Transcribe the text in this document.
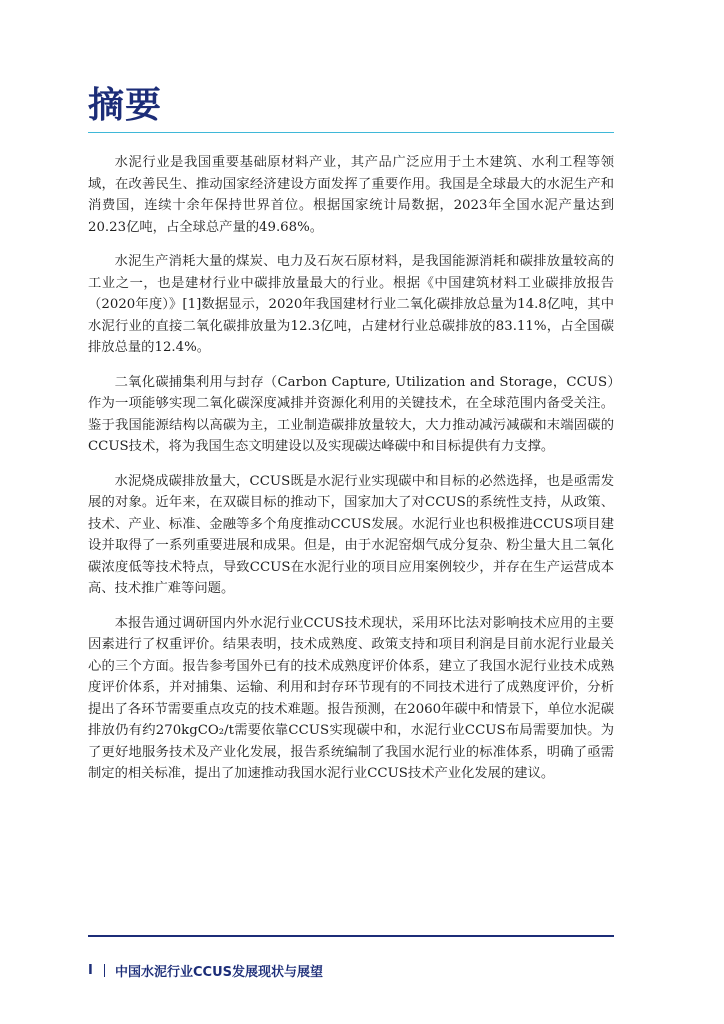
摘要

水泥行业是我国重要基础原材料产业，其产品广泛应用于土木建筑、水利工程等领域，在改善民生、推动国家经济建设方面发挥了重要作用。我国是全球最大的水泥生产和消费国，连续十余年保持世界首位。根据国家统计局数据，2023年全国水泥产量达到20.23亿吨，占全球总产量的49.68%。

水泥生产消耗大量的煤炭、电力及石灰石原材料，是我国能源消耗和碳排放量较高的工业之一，也是建材行业中碳排放量最大的行业。根据《中国建筑材料工业碳排放报告（2020年度）》[1]数据显示，2020年我国建材行业二氧化碳排放总量为14.8亿吨，其中水泥行业的直接二氧化碳排放量为12.3亿吨，占建材行业总碳排放的83.11%，占全国碳排放总量的12.4%。

二氧化碳捕集利用与封存（Carbon Capture, Utilization and Storage，CCUS）作为一项能够实现二氧化碳深度减排并资源化利用的关键技术，在全球范围内备受关注。鉴于我国能源结构以高碳为主，工业制造碳排放量较大，大力推动减污减碳和末端固碳的CCUS技术，将为我国生态文明建设以及实现碳达峰碳中和目标提供有力支撑。

水泥烧成碳排放量大，CCUS既是水泥行业实现碳中和目标的必然选择，也是亟需发展的对象。近年来，在双碳目标的推动下，国家加大了对CCUS的系统性支持，从政策、技术、产业、标准、金融等多个角度推动CCUS发展。水泥行业也积极推进CCUS项目建设并取得了一系列重要进展和成果。但是，由于水泥窑烟气成分复杂、粉尘量大且二氧化碳浓度低等技术特点，导致CCUS在水泥行业的项目应用案例较少，并存在生产运营成本高、技术推广难等问题。

本报告通过调研国内外水泥行业CCUS技术现状，采用环比法对影响技术应用的主要因素进行了权重评价。结果表明，技术成熟度、政策支持和项目利润是目前水泥行业最关心的三个方面。报告参考国外已有的技术成熟度评价体系，建立了我国水泥行业技术成熟度评价体系，并对捕集、运输、利用和封存环节现有的不同技术进行了成熟度评价，分析提出了各环节需要重点攻克的技术难题。报告预测，在2060年碳中和情景下，单位水泥碳排放仍有约270kgCO₂/t需要依靠CCUS实现碳中和，水泥行业CCUS布局需要加快。为了更好地服务技术及产业化发展，报告系统编制了我国水泥行业的标准体系，明确了亟需制定的相关标准，提出了加速推动我国水泥行业CCUS技术产业化发展的建议。

I	中国水泥行业CCUS发展现状与展望
